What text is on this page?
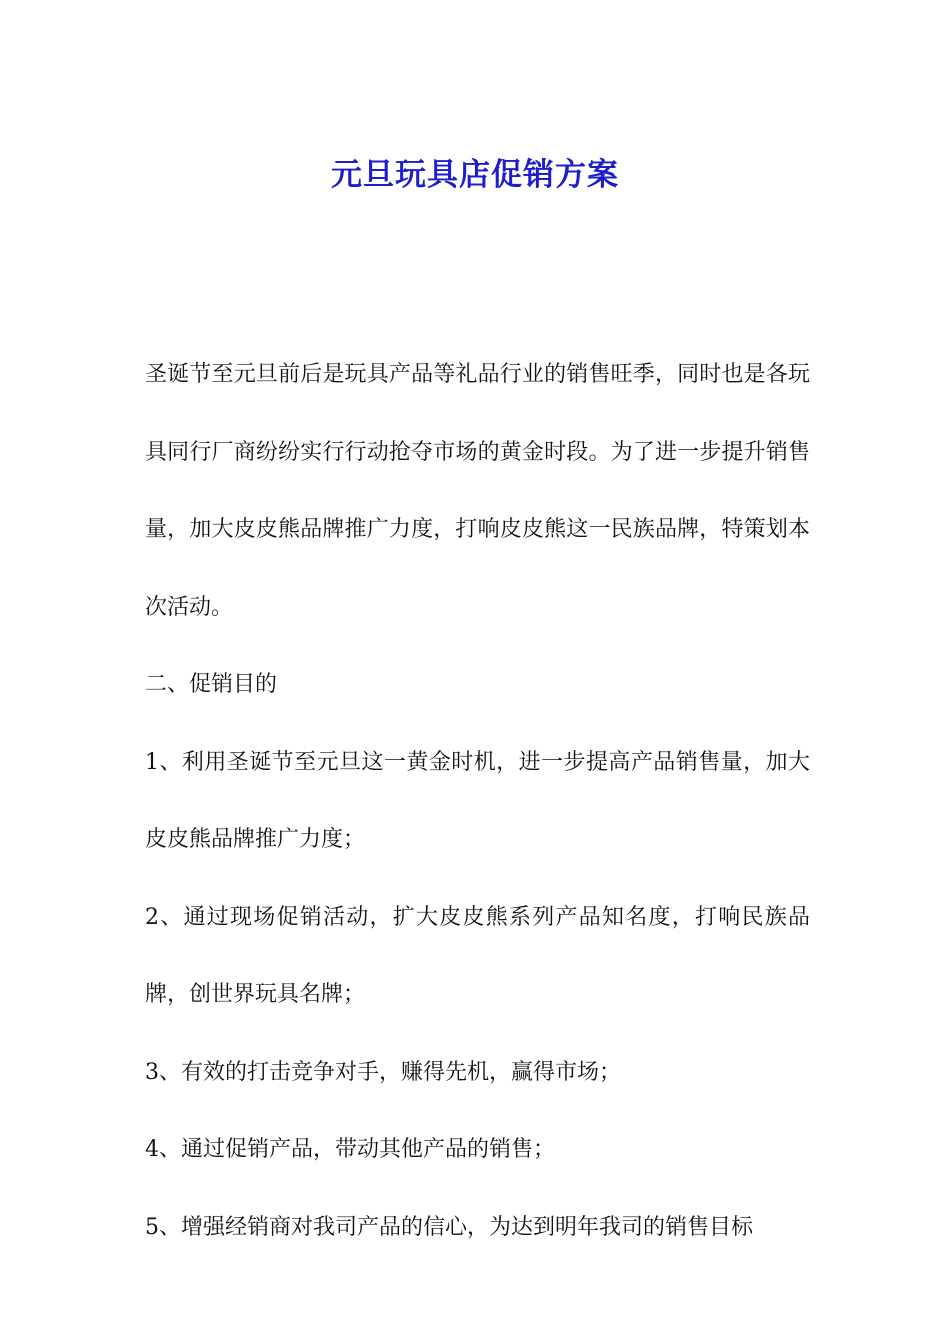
元旦玩具店促销方案

圣诞节至元旦前后是玩具产品等礼品行业的销售旺季，同时也是各玩具同行厂商纷纷实行行动抢夺市场的黄金时段。为了进一步提升销售量，加大皮皮熊品牌推广力度，打响皮皮熊这一民族品牌，特策划本次活动。

二、促销目的

1、利用圣诞节至元旦这一黄金时机，进一步提高产品销售量，加大皮皮熊品牌推广力度；

2、通过现场促销活动，扩大皮皮熊系列产品知名度，打响民族品牌，创世界玩具名牌；

3、有效的打击竞争对手，赚得先机，赢得市场；

4、通过促销产品，带动其他产品的销售；

5、增强经销商对我司产品的信心，为达到明年我司的销售目标
